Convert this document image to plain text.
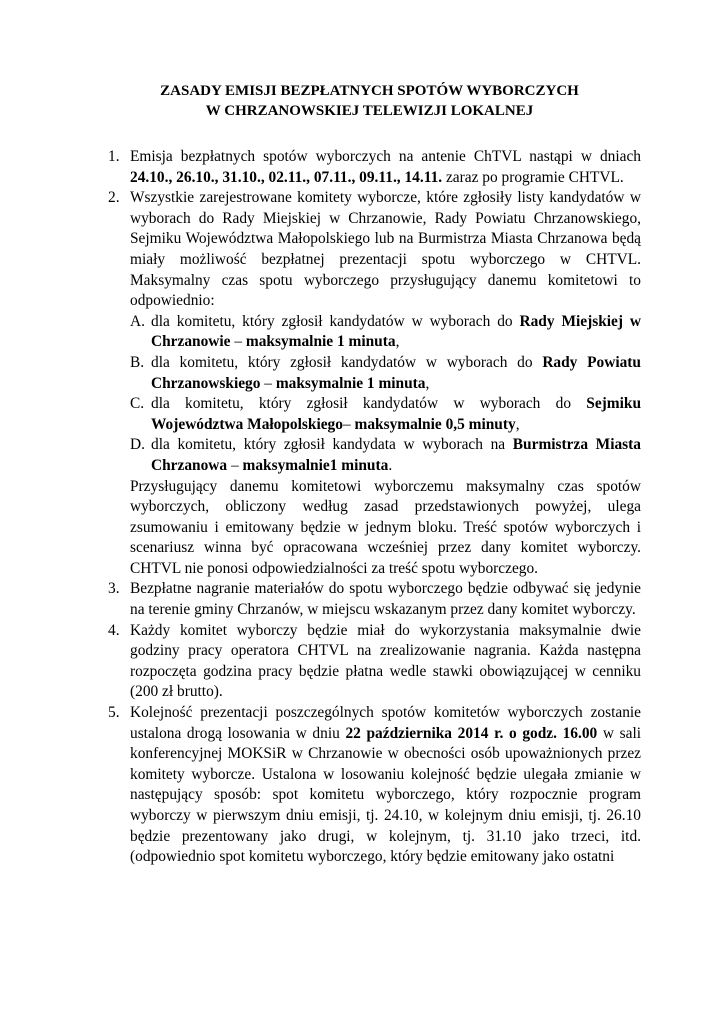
ZASADY EMISJI BEZPŁATNYCH SPOTÓW WYBORCZYCH
W CHRZANOWSKIEJ TELEWIZJI LOKALNEJ
1. Emisja bezpłatnych spotów wyborczych na antenie ChTVL nastąpi w dniach 24.10., 26.10., 31.10., 02.11., 07.11., 09.11., 14.11. zaraz po programie CHTVL.

2. Wszystkie zarejestrowane komitety wyborcze, które zgłosiły listy kandydatów w wyborach do Rady Miejskiej w Chrzanowie, Rady Powiatu Chrzanowskiego, Sejmiku Województwa Małopolskiego lub na Burmistrza Miasta Chrzanowa będą miały możliwość bezpłatnej prezentacji spotu wyborczego w CHTVL. Maksymalny czas spotu wyborczego przysługujący danemu komitetowi to odpowiednio:

A. dla komitetu, który zgłosił kandydatów w wyborach do Rady Miejskiej w Chrzanowie – maksymalnie 1 minuta,

B. dla komitetu, który zgłosił kandydatów w wyborach do Rady Powiatu Chrzanowskiego – maksymalnie 1 minuta,

C. dla komitetu, który zgłosił kandydatów w wyborach do Sejmiku Województwa Małopolskiego– maksymalnie 0,5 minuty,

D. dla komitetu, który zgłosił kandydata w wyborach na Burmistrza Miasta Chrzanowa – maksymalnie1 minuta.

Przysługujący danemu komitetowi wyborczemu maksymalny czas spotów wyborczych, obliczony według zasad przedstawionych powyżej, ulega zsumowaniu i emitowany będzie w jednym bloku. Treść spotów wyborczych i scenariusz winna być opracowana wcześniej przez dany komitet wyborczy. CHTVL nie ponosi odpowiedzialności za treść spotu wyborczego.

3. Bezpłatne nagranie materiałów do spotu wyborczego będzie odbywać się jedynie na terenie gminy Chrzanów, w miejscu wskazanym przez dany komitet wyborczy.

4. Każdy komitet wyborczy będzie miał do wykorzystania maksymalnie dwie godziny pracy operatora CHTVL na zrealizowanie nagrania. Każda następna rozpoczęta godzina pracy będzie płatna wedle stawki obowiązującej w cenniku (200 zł brutto).

5. Kolejność prezentacji poszczególnych spotów komitetów wyborczych zostanie ustalona drogą losowania w dniu 22 października 2014 r. o godz. 16.00 w sali konferencyjnej MOKSiR w Chrzanowie w obecności osób upoważnionych przez komitety wyborcze. Ustalona w losowaniu kolejność będzie ulegała zmianie w następujący sposób: spot komitetu wyborczego, który rozpocznie program wyborczy w pierwszym dniu emisji, tj. 24.10, w kolejnym dniu emisji, tj. 26.10 będzie prezentowany jako drugi, w kolejnym, tj. 31.10 jako trzeci, itd. (odpowiednio spot komitetu wyborczego, który będzie emitowany jako ostatni
